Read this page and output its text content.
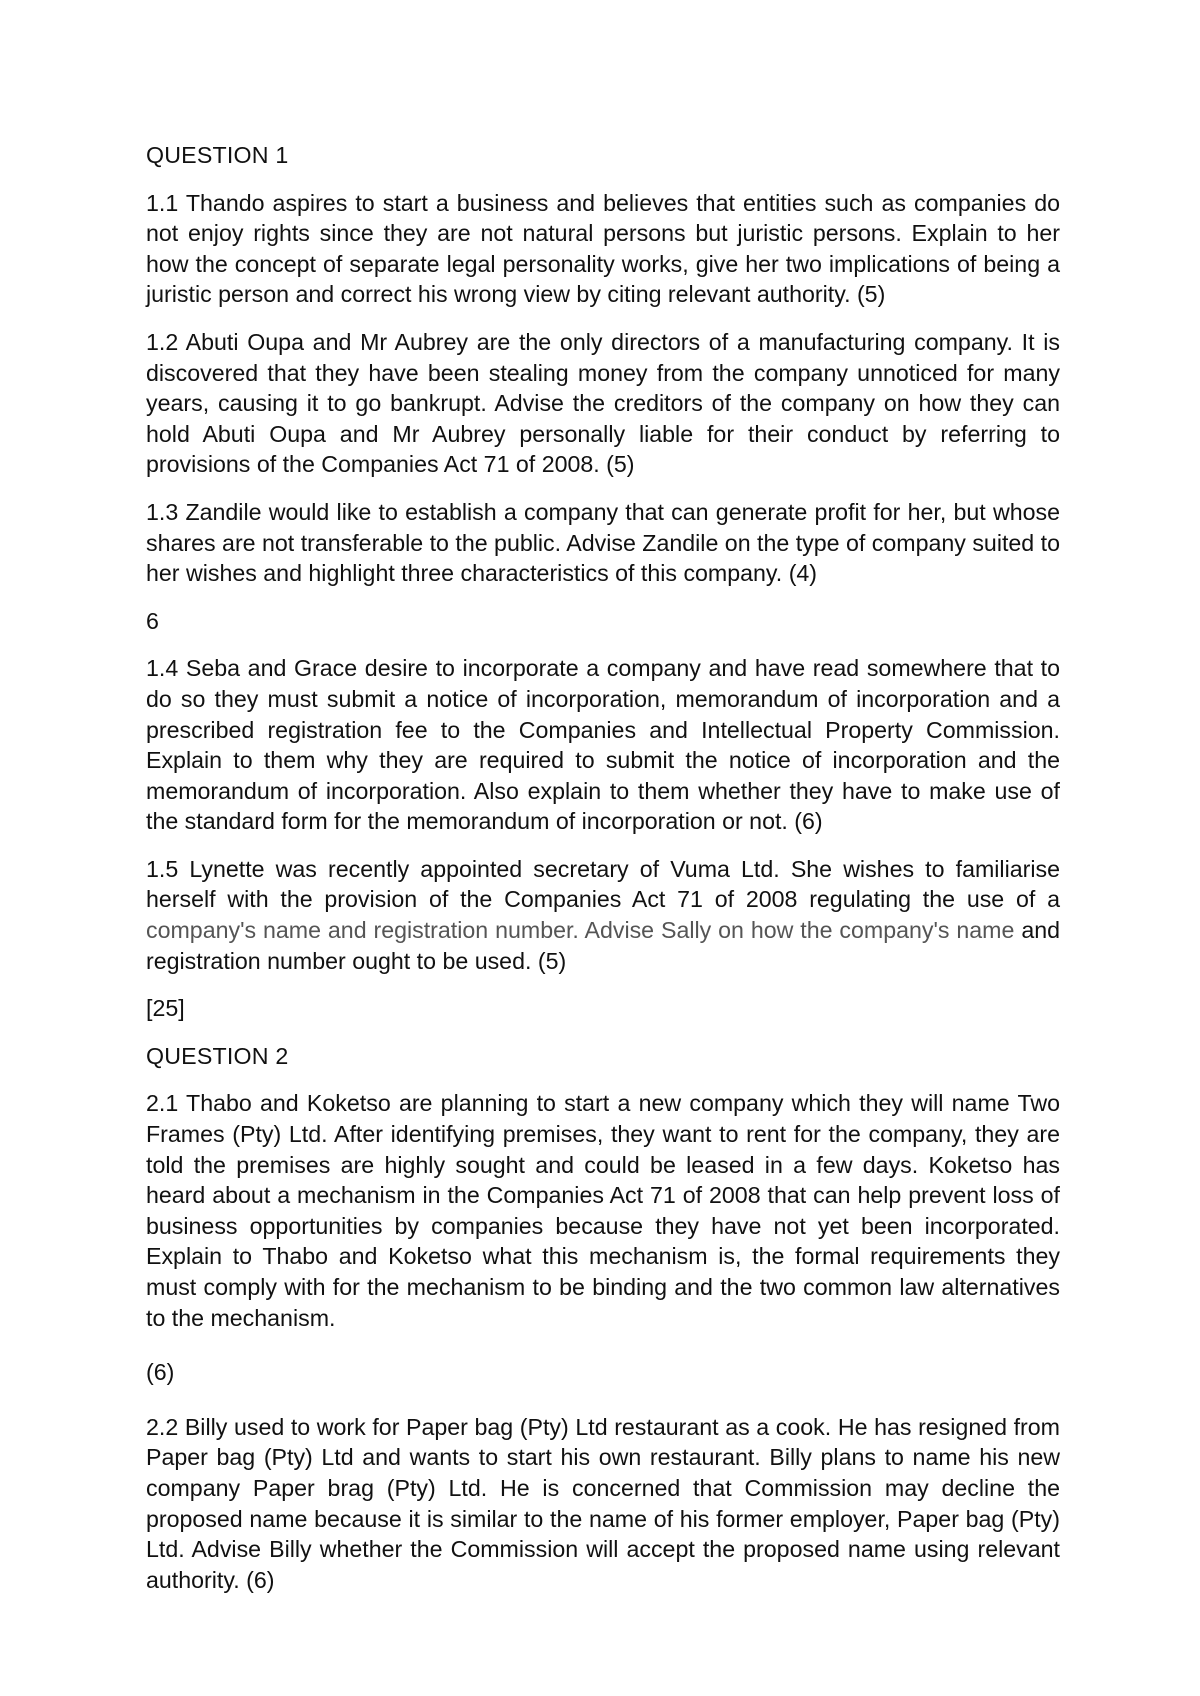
QUESTION 1

1.1 Thando aspires to start a business and believes that entities such as companies do not enjoy rights since they are not natural persons but juristic persons. Explain to her how the concept of separate legal personality works, give her two implications of being a juristic person and correct his wrong view by citing relevant authority. (5)

1.2 Abuti Oupa and Mr Aubrey are the only directors of a manufacturing company. It is discovered that they have been stealing money from the company unnoticed for many years, causing it to go bankrupt. Advise the creditors of the company on how they can hold Abuti Oupa and Mr Aubrey personally liable for their conduct by referring to provisions of the Companies Act 71 of 2008. (5)

1.3 Zandile would like to establish a company that can generate profit for her, but whose shares are not transferable to the public. Advise Zandile on the type of company suited to her wishes and highlight three characteristics of this company. (4)

6

1.4 Seba and Grace desire to incorporate a company and have read somewhere that to do so they must submit a notice of incorporation, memorandum of incorporation and a prescribed registration fee to the Companies and Intellectual Property Commission. Explain to them why they are required to submit the notice of incorporation and the memorandum of incorporation. Also explain to them whether they have to make use of the standard form for the memorandum of incorporation or not. (6)

1.5 Lynette was recently appointed secretary of Vuma Ltd. She wishes to familiarise herself with the provision of the Companies Act 71 of 2008 regulating the use of a company's name and registration number. Advise Sally on how the company's name and registration number ought to be used. (5)

[25]

QUESTION 2

2.1 Thabo and Koketso are planning to start a new company which they will name Two Frames (Pty) Ltd. After identifying premises, they want to rent for the company, they are told the premises are highly sought and could be leased in a few days. Koketso has heard about a mechanism in the Companies Act 71 of 2008 that can help prevent loss of business opportunities by companies because they have not yet been incorporated. Explain to Thabo and Koketso what this mechanism is, the formal requirements they must comply with for the mechanism to be binding and the two common law alternatives to the mechanism.

(6)

2.2 Billy used to work for Paper bag (Pty) Ltd restaurant as a cook. He has resigned from Paper bag (Pty) Ltd and wants to start his own restaurant. Billy plans to name his new company Paper brag (Pty) Ltd. He is concerned that Commission may decline the proposed name because it is similar to the name of his former employer, Paper bag (Pty) Ltd. Advise Billy whether the Commission will accept the proposed name using relevant authority. (6)
